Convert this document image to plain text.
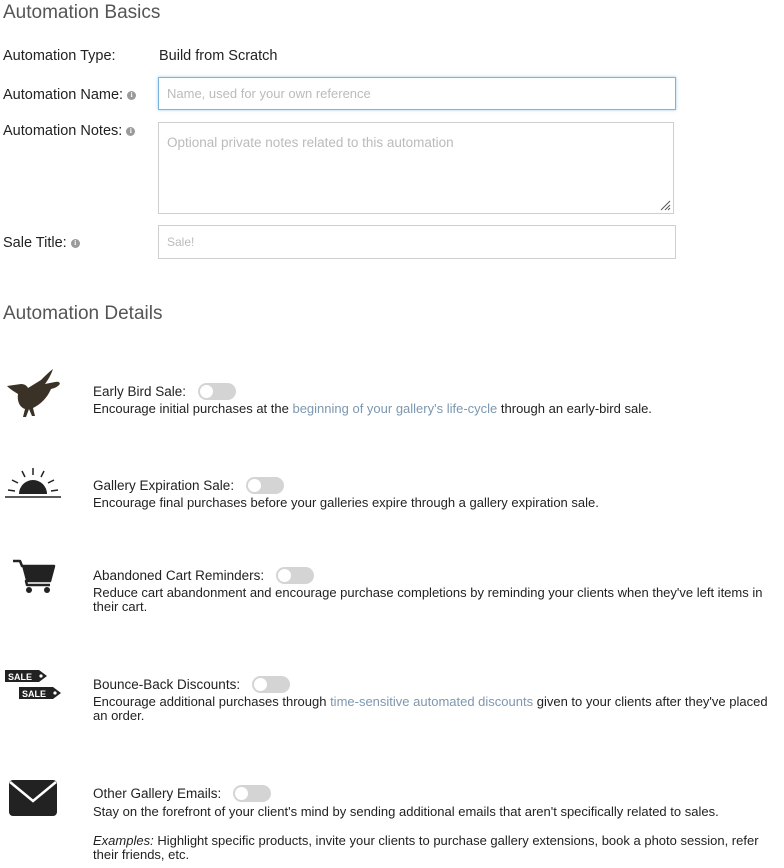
Automation Basics
Automation Type:	Build from Scratch
Automation Name: i	Name, used for your own reference
Automation Notes: i
Optional private notes related to this automation
Sale Title: i	Sale!
Automation Details
Early Bird Sale:
Encourage initial purchases at the beginning of your gallery's life-cycle through an early-bird sale.
Gallery Expiration Sale:
Encourage final purchases before your galleries expire through a gallery expiration sale.
Abandoned Cart Reminders:
Reduce cart abandonment and encourage purchase completions by reminding your clients when they've left items in their cart.
SALE
SALE
Bounce-Back Discounts:
Encourage additional purchases through time-sensitive automated discounts given to your clients after they've placed an order.
Other Gallery Emails:
Stay on the forefront of your client's mind by sending additional emails that aren't specifically related to sales.
Examples: Highlight specific products, invite your clients to purchase gallery extensions, book a photo session, refer their friends, etc.
